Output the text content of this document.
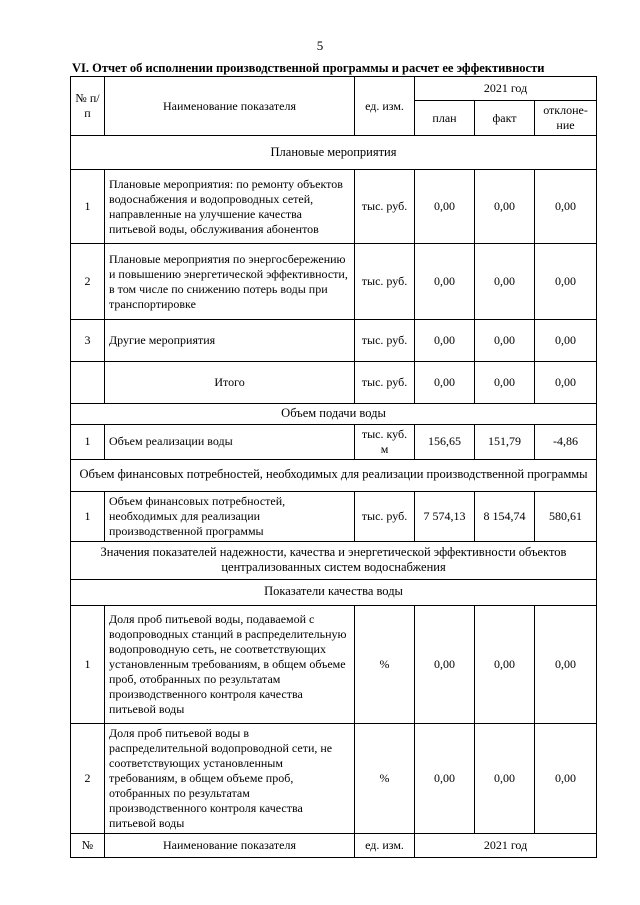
5
VI. Отчет об исполнении производственной программы и расчет ее эффективности
№ п/п	Наименование показателя	ед. изм.	2021 год		
			план	факт	отклоне-ние
Плановые мероприятия					
1	Плановые мероприятия: по ремонту объектов водоснабжения и водопроводных сетей, направленные на улучшение качества питьевой воды, обслуживания абонентов	тыс. руб.	0,00	0,00	0,00
2	Плановые мероприятия по энергосбережению и повышению энергетической эффективности, в том числе по снижению потерь воды при транспортировке	тыс. руб.	0,00	0,00	0,00
3	Другие мероприятия	тыс. руб.	0,00	0,00	0,00
	Итого	тыс. руб.	0,00	0,00	0,00
Объем подачи воды					
1	Объем реализации воды	тыс. куб. м	156,65	151,79	-4,86
Объем финансовых потребностей, необходимых для реализации производственной программы					
1	Объем финансовых потребностей, необходимых для реализации производственной программы	тыс. руб.	7 574,13	8 154,74	580,61
Значения показателей надежности, качества и энергетической эффективности объектов централизованных систем водоснабжения					
Показатели качества воды					
1	Доля проб питьевой воды, подаваемой с водопроводных станций в распределительную водопроводную сеть, не соответствующих установленным требованиям, в общем объеме проб, отобранных по результатам производственного контроля качества питьевой воды	%	0,00	0,00	0,00
2	Доля проб питьевой воды в распределительной водопроводной сети, не соответствующих установленным требованиям, в общем объеме проб, отобранных по результатам производственного контроля качества питьевой воды	%	0,00	0,00	0,00
№	Наименование показателя	ед. изм.	2021 год		
